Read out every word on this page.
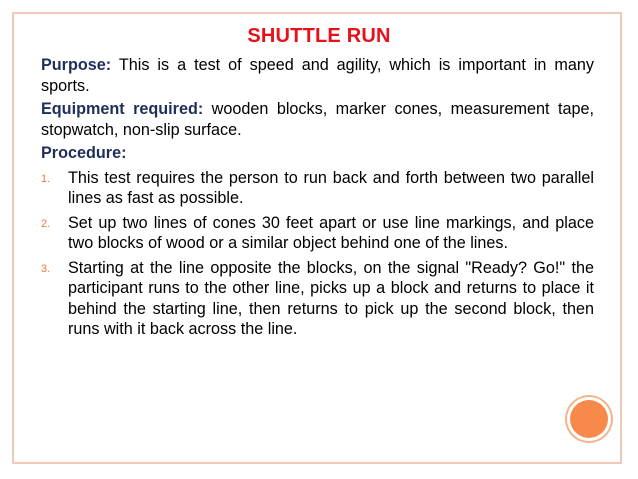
SHUTTLE RUN

Purpose: This is a test of speed and agility, which is important in many sports.

Equipment required: wooden blocks, marker cones, measurement tape, stopwatch, non-slip surface.

Procedure:

1. This test requires the person to run back and forth between two parallel lines as fast as possible.
2. Set up two lines of cones 30 feet apart or use line markings, and place two blocks of wood or a similar object behind one of the lines.
3. Starting at the line opposite the blocks, on the signal "Ready? Go!" the participant runs to the other line, picks up a block and returns to place it behind the starting line, then returns to pick up the second block, then runs with it back across the line.
